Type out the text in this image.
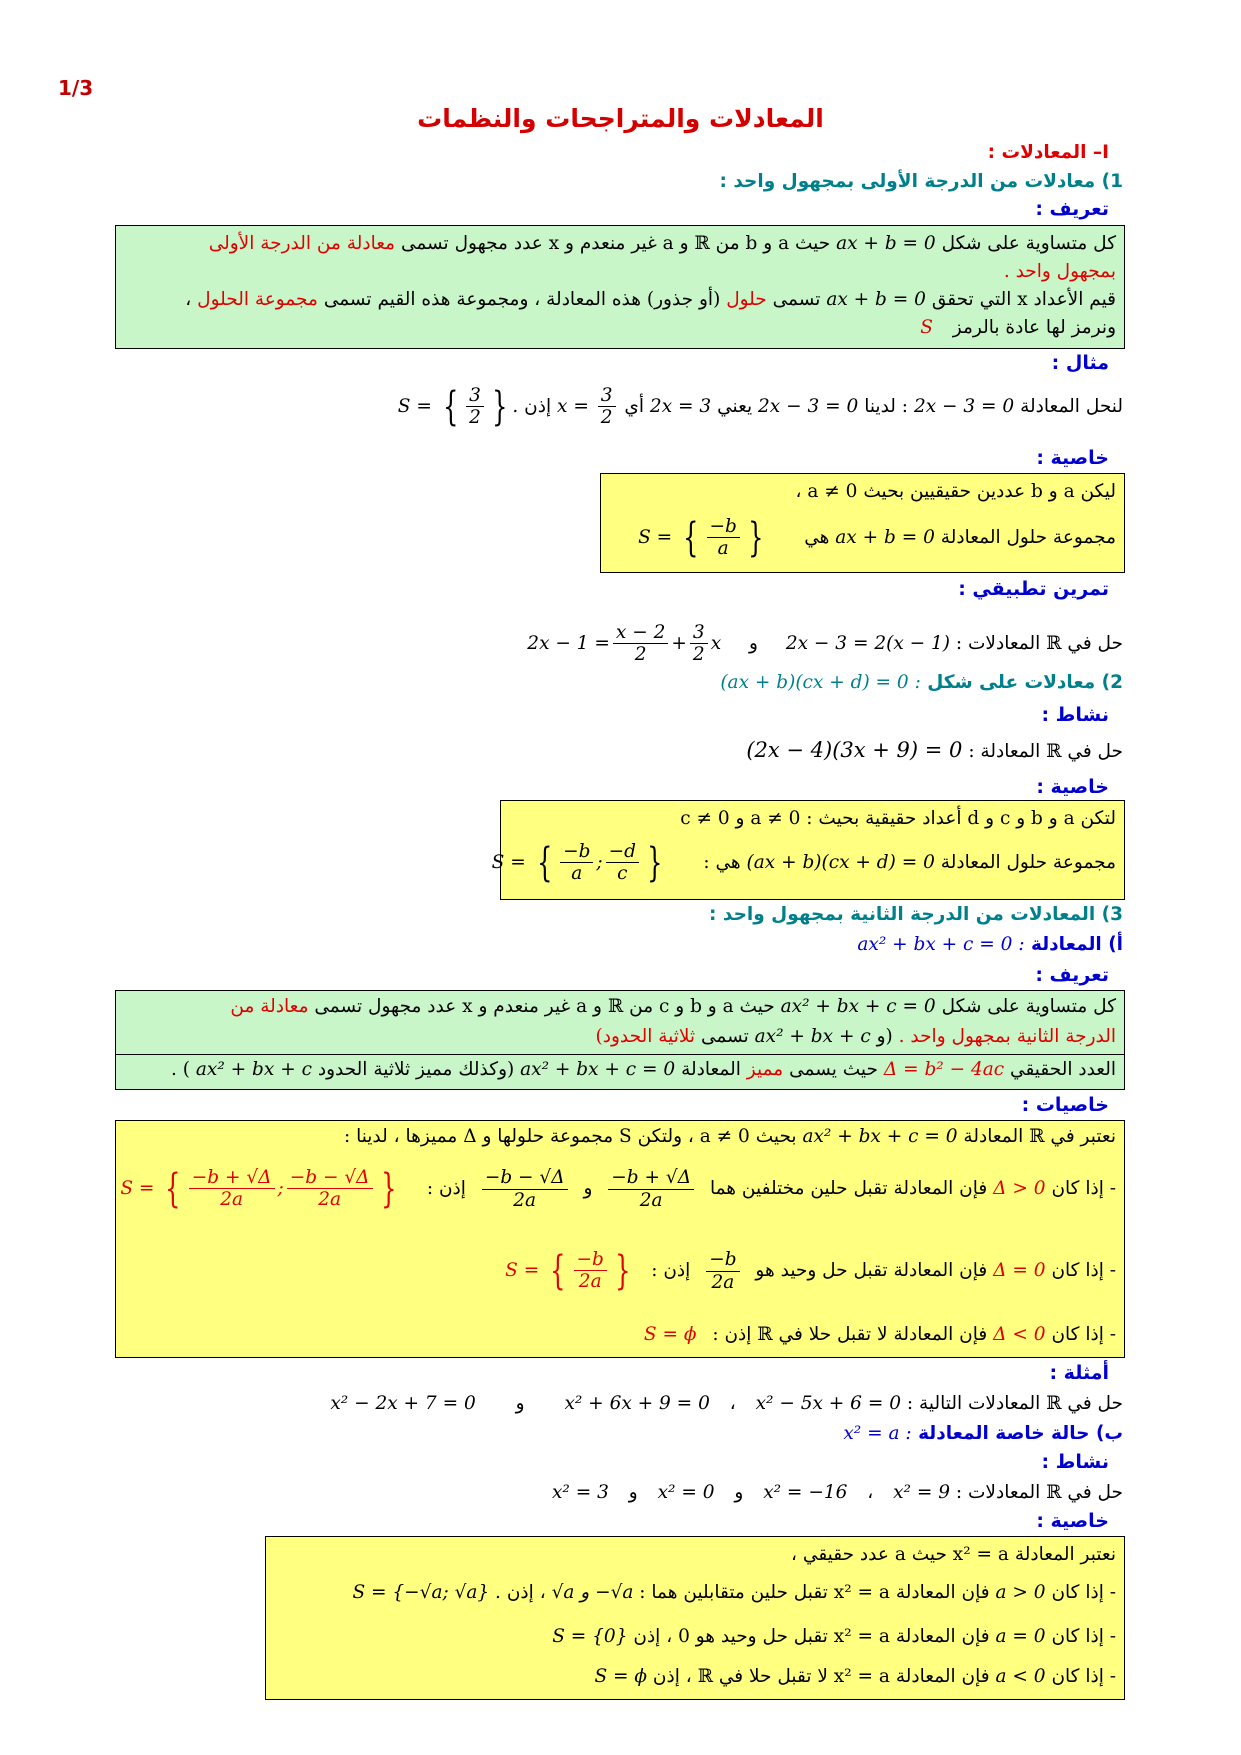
1/3
المعادلات والمتراجحات والنظمات
I– المعادلات :
1) معادلات من الدرجة الأولى بمجهول واحد :
تعريف :
كل متساوية على شكل ax + b = 0 حيث a و b من ℝ و a غير منعدم و x عدد مجهول تسمى معادلة من الدرجة الأولى
بمجهول واحد .
قيم الأعداد x التي تحقق ax + b = 0 تسمى حلول (أو جذور) هذه المعادلة ، ومجموعة هذه القيم تسمى مجموعة الحلول ،
ونرمز لها عادة بالرمز S
مثال :
لنحل المعادلة 2x − 3 = 0 : لدينا 2x − 3 = 0 يعني 2x = 3 أي $x = \frac{3}{2}$
إذن S = { $\frac{3}{2}$ } .
خاصية :
ليكن a و b عددين حقيقيين بحيث a ≠ 0 ،
مجموعة حلول المعادلة ax + b = 0 هي S = { $\frac{-b}{a}$ }
تمرين تطبيقي :
حل في ℝ المعادلات : 2x − 3 = 2(x − 1) و $2x - 1 = \frac{x - 2}{2} + \frac{3}{2}$ x
2) معادلات على شكل (ax + b)(cx + d) = 0 :
نشاط :
حل في ℝ المعادلة : (2x − 4)(3x + 9) = 0
خاصية :
لتكن a و b و c و d أعداد حقيقية بحيث : a ≠ 0 و c ≠ 0
مجموعة حلول المعادلة (ax + b)(cx + d) = 0 هي : S = { $\frac{-b}{a}$ ; $\frac{-d}{c}$ }
3) المعادلات من الدرجة الثانية بمجهول واحد :
أ) المعادلة ax² + bx + c = 0 :
تعريف :
كل متساوية على شكل ax² + bx + c = 0 حيث a و b و c من ℝ و a غير منعدم و x عدد مجهول تسمى معادلة من
الدرجة الثانية بمجهول واحد . (و ax² + bx + c تسمى ثلاثية الحدود)
العدد الحقيقي Δ = b² − 4ac حيث يسمى مميز المعادلة ax² + bx + c = 0 (وكذلك مميز ثلاثية الحدود ax² + bx + c ) .
خاصيات :
نعتبر في ℝ المعادلة ax² + bx + c = 0 بحيث a ≠ 0 ، ولتكن S مجموعة حلولها و Δ مميزها ، لدينا :
- إذا كان Δ > 0 فإن المعادلة تقبل حلين مختلفين هما
$\frac{-b + √\Delta}{2a}$
و
$\frac{-b - √\Delta}{2a}$
إذن : S = { $\frac{-b + √\Delta}{2a}$ ; $\frac{-b - √\Delta}{2a}$ }
- إذا كان Δ = 0 فإن المعادلة تقبل حل وحيد هو
$\frac{-b}{2a}$
إذن : S = { $\frac{-b}{2a}$ }
- إذا كان Δ < 0 فإن المعادلة لا تقبل حلا في ℝ إذن : S = ϕ
أمثلة :
حل في ℝ المعادلات التالية : x² − 5x + 6 = 0 ، x² + 6x + 9 = 0 و x² − 2x + 7 = 0
ب) حالة خاصة المعادلة x² = a :
نشاط :
حل في ℝ المعادلات : x² = 9 ، x² = −16 و x² = 0 و x² = 3
خاصية :
نعتبر المعادلة x² = a حيث a عدد حقيقي ،
- إذا كان a > 0 فإن المعادلة x² = a تقبل حلين متقابلين هما : √a و −√a ، إذن S = {−√a; √a} .
- إذا كان a = 0 فإن المعادلة x² = a تقبل حل وحيد هو 0 ، إذن S = {0}
- إذا كان a < 0 فإن المعادلة x² = a لا تقبل حلا في ℝ ، إذن S = ϕ
